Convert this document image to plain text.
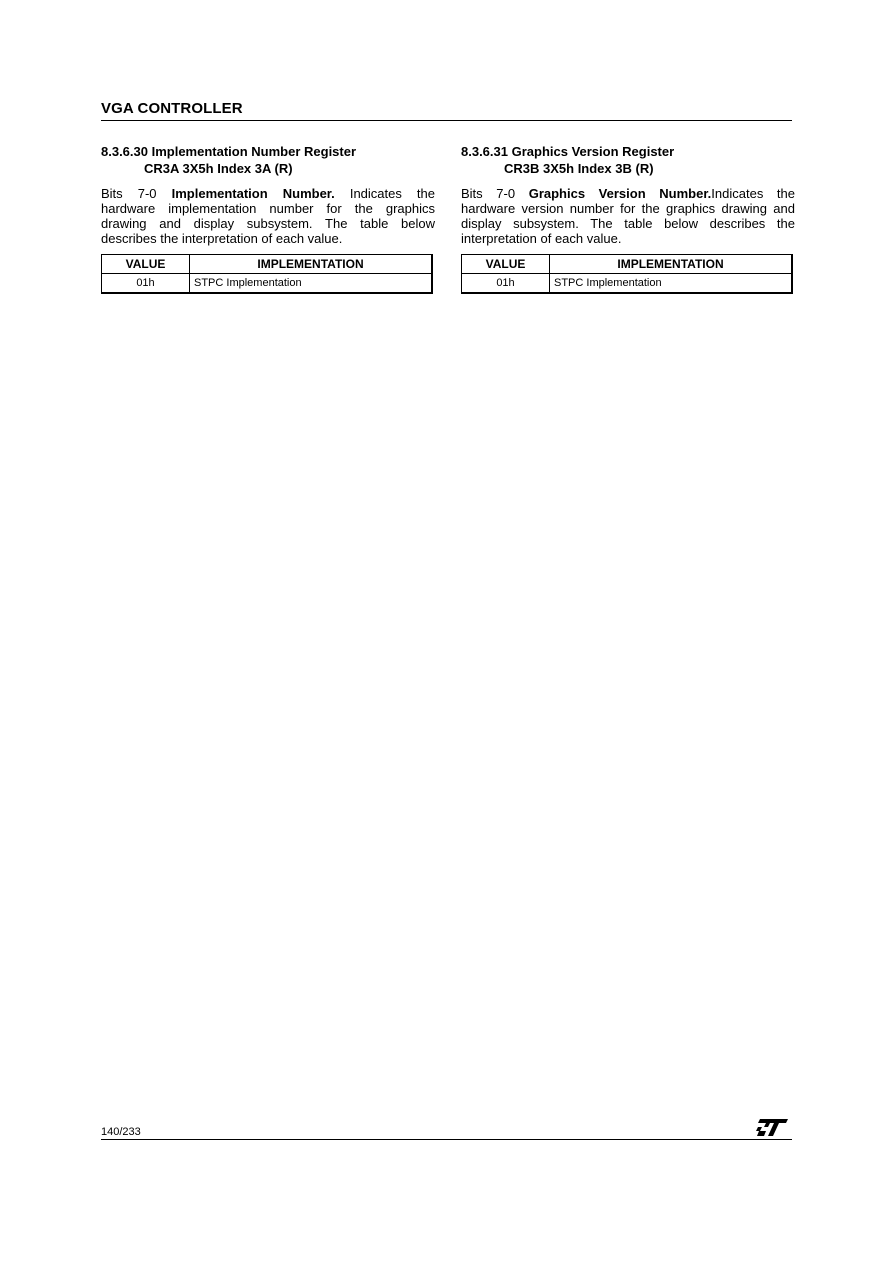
VGA CONTROLLER
8.3.6.30 Implementation Number Register
CR3A 3X5h Index 3A (R)
Bits 7-0 Implementation Number. Indicates the hardware implementation number for the graphics drawing and display subsystem. The table below describes the interpretation of each value.
VALUE	IMPLEMENTATION
01h	STPC Implementation
8.3.6.31 Graphics Version Register
CR3B 3X5h Index 3B (R)
Bits 7-0 Graphics Version Number.Indicates the hardware version number for the graphics drawing and display subsystem. The table below describes the interpretation of each value.
VALUE	IMPLEMENTATION
01h	STPC Implementation
140/233
